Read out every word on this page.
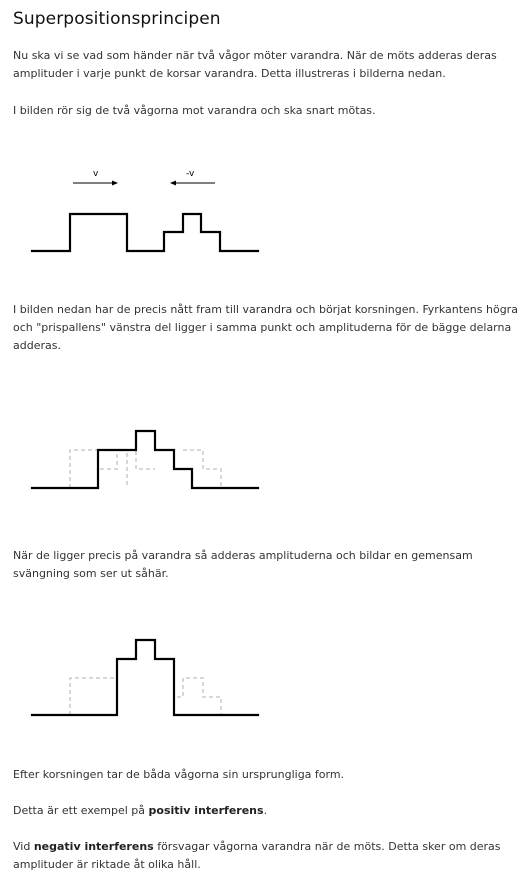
Superpositionsprincipen

Nu ska vi se vad som händer när två vågor möter varandra. När de möts adderas deras amplituder i varje punkt de korsar varandra. Detta illustreras i bilderna nedan.

I bilden rör sig de två vågorna mot varandra och ska snart mötas.

v	-v

I bilden nedan har de precis nått fram till varandra och börjat korsningen. Fyrkantens högra och "prispallens" vänstra del ligger i samma punkt och amplituderna för de bägge delarna adderas.

När de ligger precis på varandra så adderas amplituderna och bildar en gemensam svängning som ser ut såhär.

Efter korsningen tar de båda vågorna sin ursprungliga form.

Detta är ett exempel på positiv interferens.

Vid negativ interferens försvagar vågorna varandra när de möts. Detta sker om deras amplituder är riktade åt olika håll.
